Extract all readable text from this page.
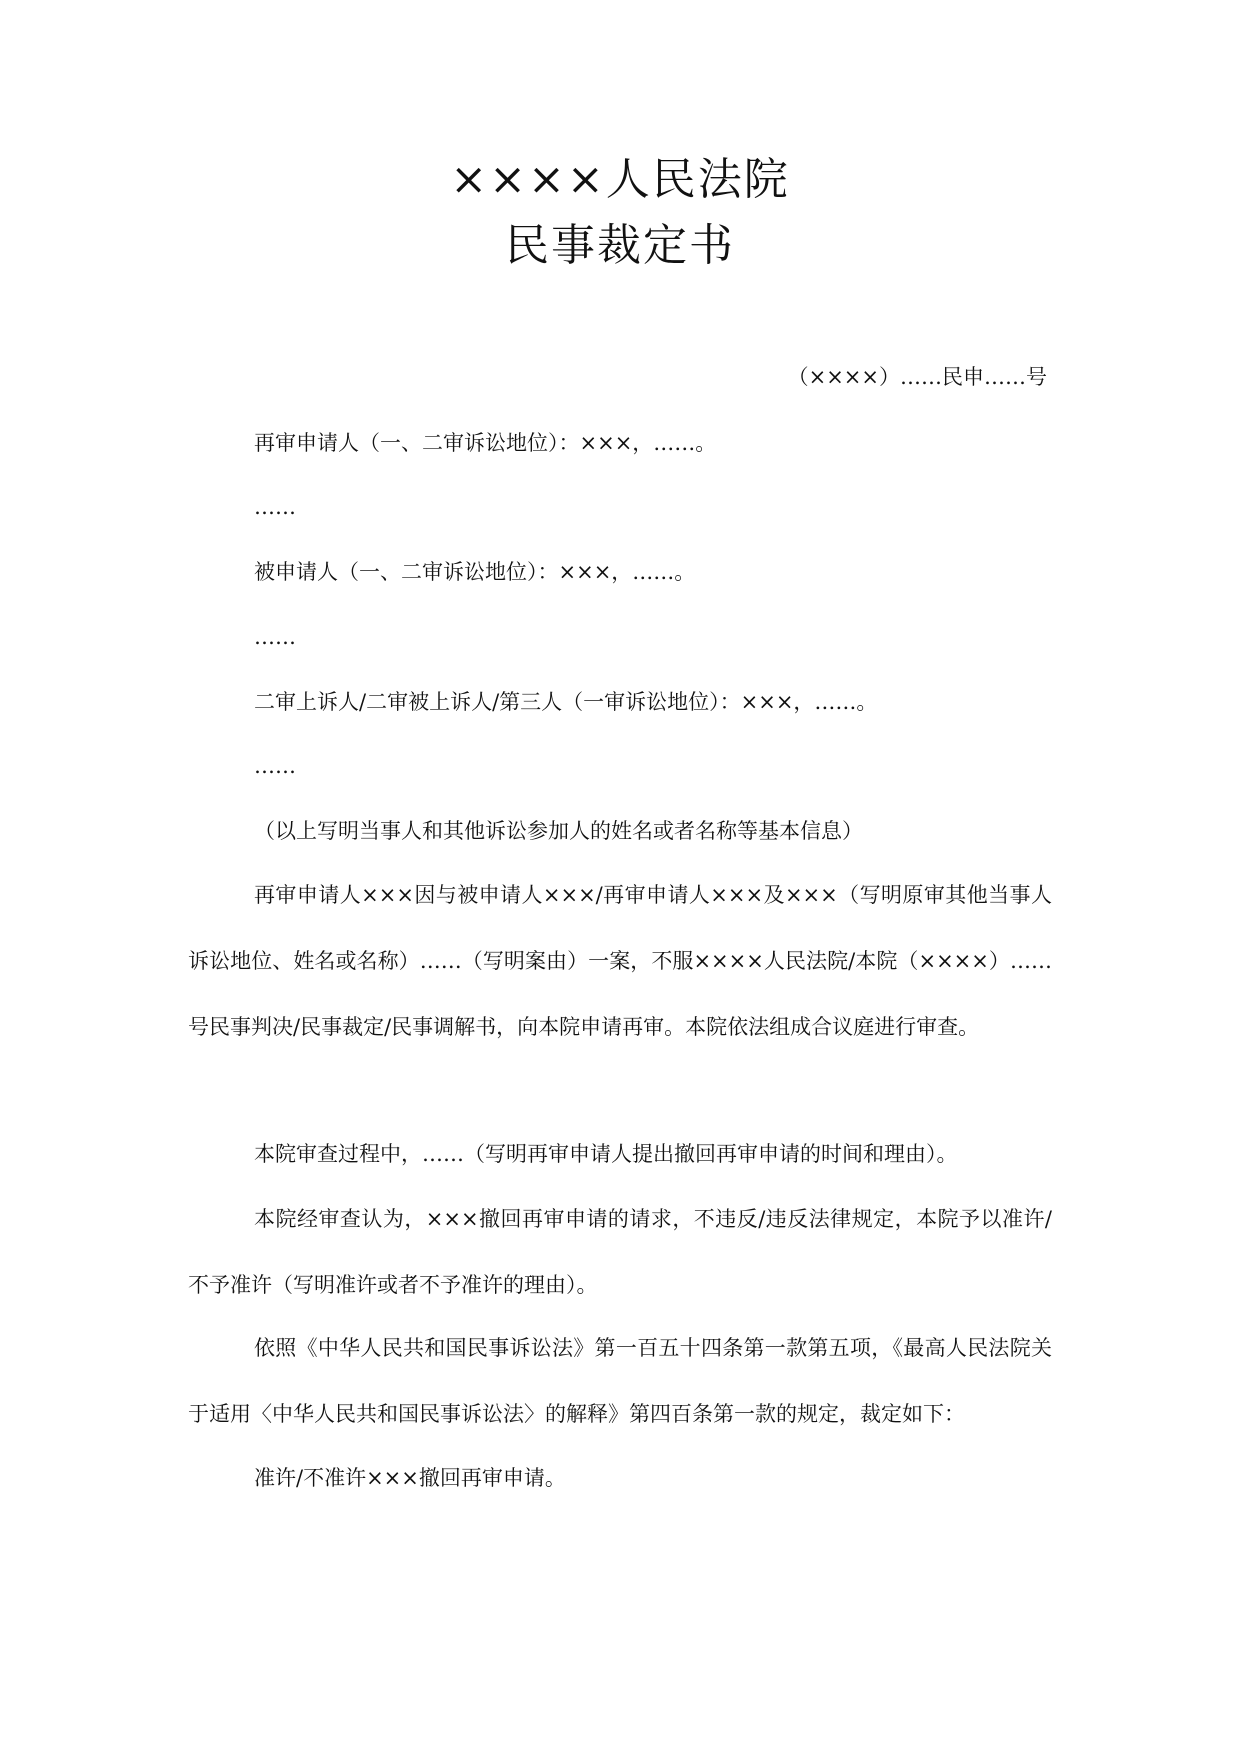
××××人民法院
民事裁定书
（××××）……民申……号
再审申请人（一、二审诉讼地位）：×××，……。
……
被申请人（一、二审诉讼地位）：×××，……。
……
二审上诉人/二审被上诉人/第三人（一审诉讼地位）：×××，……。
……
（以上写明当事人和其他诉讼参加人的姓名或者名称等基本信息）
再审申请人×××因与被申请人×××/再审申请人×××及×××（写明原审其他当事人诉讼地位、姓名或名称）……（写明案由）一案，不服××××人民法院/本院（××××）……号民事判决/民事裁定/民事调解书，向本院申请再审。本院依法组成合议庭进行审查。
本院审查过程中，……（写明再审申请人提出撤回再审申请的时间和理由）。
本院经审查认为，×××撤回再审申请的请求，不违反/违反法律规定，本院予以准许/不予准许（写明准许或者不予准许的理由）。
依照《中华人民共和国民事诉讼法》第一百五十四条第一款第五项，《最高人民法院关于适用〈中华人民共和国民事诉讼法〉的解释》第四百条第一款的规定，裁定如下：
准许/不准许×××撤回再审申请。
